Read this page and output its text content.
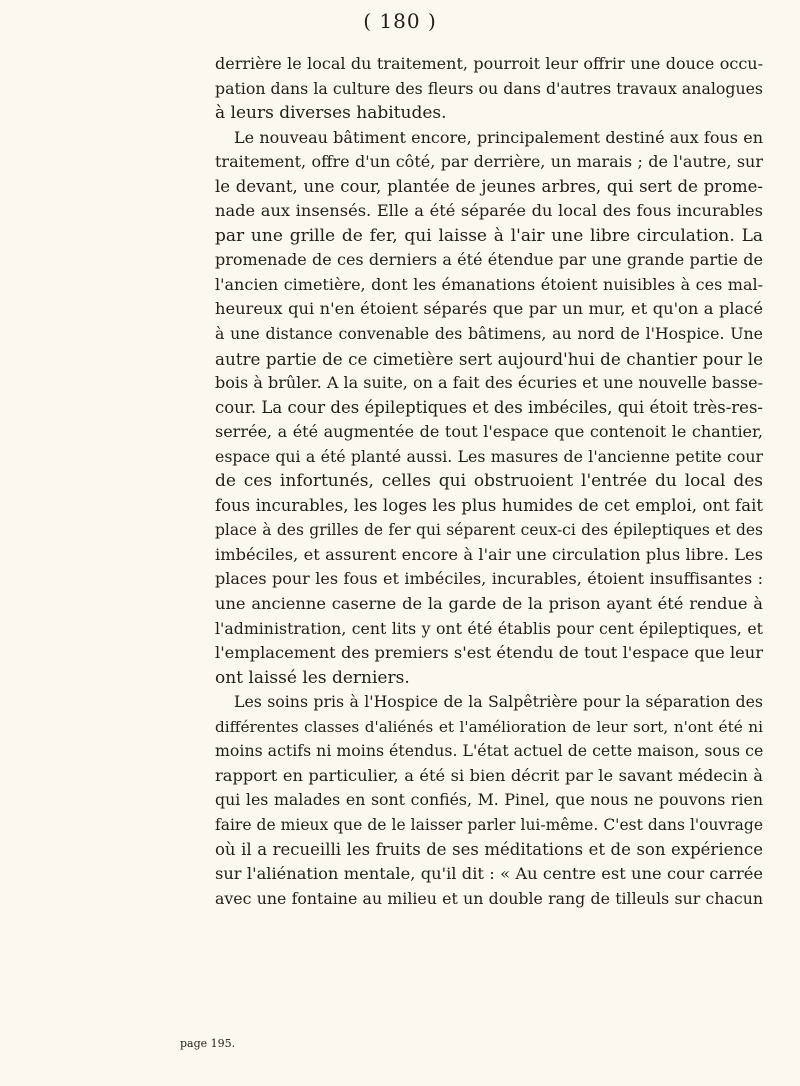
( 180 )
derrière le local du traitement, pourroit leur offrir une douce occu-
pation dans la culture des fleurs ou dans d'autres travaux analogues
à leurs diverses habitudes.
Le nouveau bâtiment encore, principalement destiné aux fous en
traitement, offre d'un côté, par derrière, un marais ; de l'autre, sur
le devant, une cour, plantée de jeunes arbres, qui sert de prome-
nade aux insensés. Elle a été séparée du local des fous incurables
par une grille de fer, qui laisse à l'air une libre circulation. La
promenade de ces derniers a été étendue par une grande partie de
l'ancien cimetière, dont les émanations étoient nuisibles à ces mal-
heureux qui n'en étoient séparés que par un mur, et qu'on a placé
à une distance convenable des bâtimens, au nord de l'Hospice. Une
autre partie de ce cimetière sert aujourd'hui de chantier pour le
bois à brûler. A la suite, on a fait des écuries et une nouvelle basse-
cour. La cour des épileptiques et des imbéciles, qui étoit très-res-
serrée, a été augmentée de tout l'espace que contenoit le chantier,
espace qui a été planté aussi. Les masures de l'ancienne petite cour
de ces infortunés, celles qui obstruoient l'entrée du local des
fous incurables, les loges les plus humides de cet emploi, ont fait
place à des grilles de fer qui séparent ceux-ci des épileptiques et des
imbéciles, et assurent encore à l'air une circulation plus libre. Les
places pour les fous et imbéciles, incurables, étoient insuffisantes :
une ancienne caserne de la garde de la prison ayant été rendue à
l'administration, cent lits y ont été établis pour cent épileptiques, et
l'emplacement des premiers s'est étendu de tout l'espace que leur
ont laissé les derniers.
Les soins pris à l'Hospice de la Salpêtrière pour la séparation des
différentes classes d'aliénés et l'amélioration de leur sort, n'ont été ni
moins actifs ni moins étendus. L'état actuel de cette maison, sous ce
rapport en particulier, a été si bien décrit par le savant médecin à
qui les malades en sont confiés, M. Pinel, que nous ne pouvons rien
faire de mieux que de le laisser parler lui-même. C'est dans l'ouvrage
où il a recueilli les fruits de ses méditations et de son expérience
sur l'aliénation mentale, qu'il dit : « Au centre est une cour carrée
avec une fontaine au milieu et un double rang de tilleuls sur chacun
page 195.
